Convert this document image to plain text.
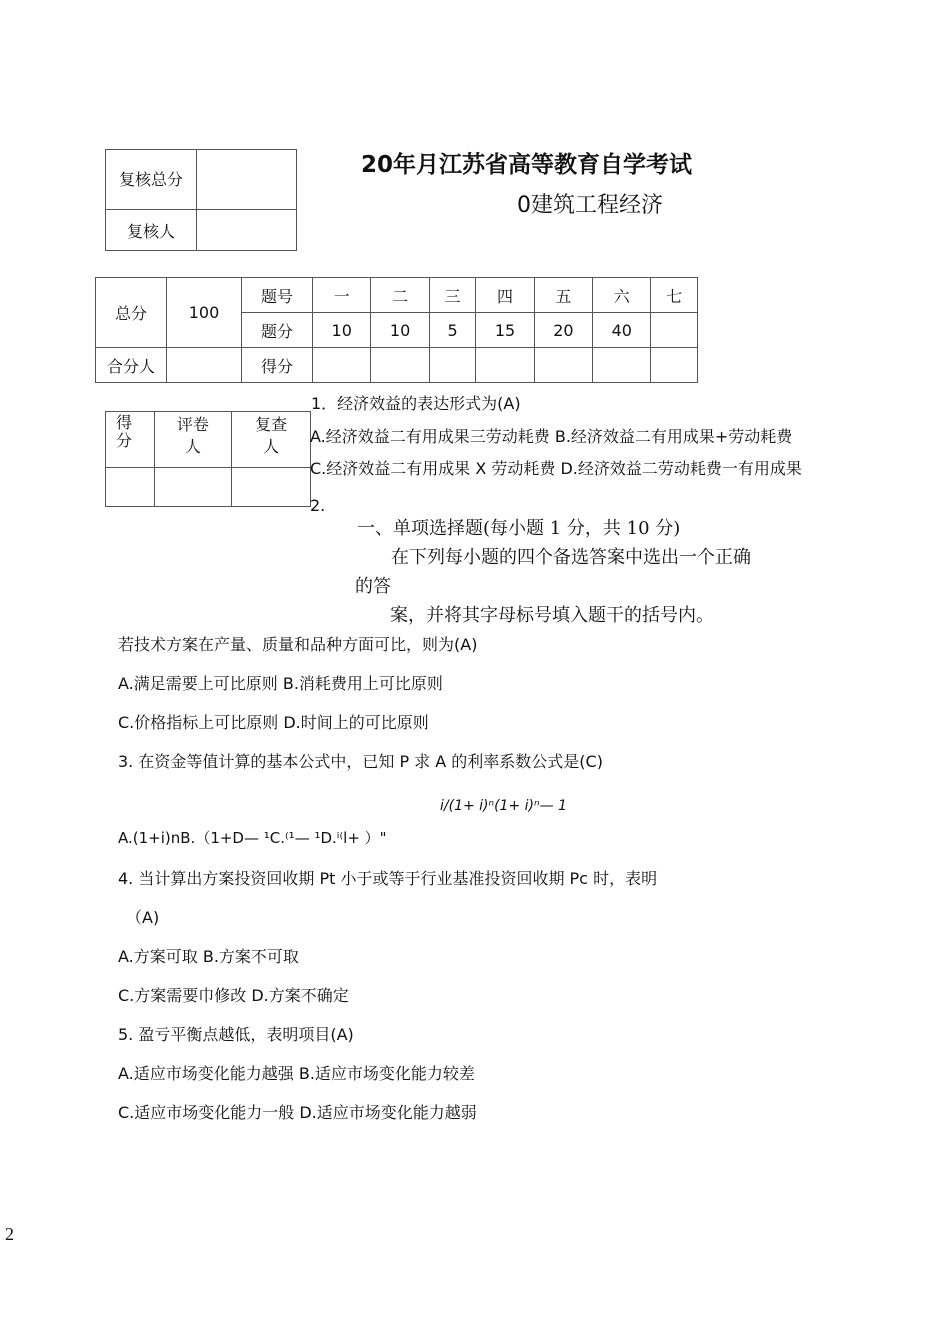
复核总分	
复核人	
20年月江苏省高等教育自学考试
0建筑工程经济
总分	100	题号	一	二	三	四	五	六	七
		题分	10	10	5	15	20	40	
合分人		得分							
得分	评卷人	复查人

1．经济效益的表达形式为(A)
A.经济效益二有用成果三劳动耗费 B.经济效益二有用成果+劳动耗费
C.经济效益二有用成果 X 劳动耗费 D.经济效益二劳动耗费一有用成果
2.
一、单项选择题(每小题 1 分，共 10 分)
在下列每小题的四个备选答案中选出一个正确
的答
案，并将其字母标号填入题干的括号内。
若技术方案在产量、质量和品种方面可比，则为(A)
A.满足需要上可比原则 B.消耗费用上可比原则
C.价格指标上可比原则 D.时间上的可比原则
3. 在资金等值计算的基本公式中，已知 P 求 A 的利率系数公式是(C)
i/(1+ i)ⁿ(1+ i)ⁿ— 1
A.(1+i)nB.（1+D— ¹C.⁽¹— ¹D.ⁱ⁽l+ ）"
4. 当计算出方案投资回收期 Pt 小于或等于行业基准投资回收期 Pc 时，表明
（A)
A.方案可取 B.方案不可取
C.方案需要巾修改 D.方案不确定
5. 盈亏平衡点越低，表明项目(A)
A.适应市场变化能力越强 B.适应市场变化能力较差
C.适应市场变化能力一般 D.适应市场变化能力越弱
2
